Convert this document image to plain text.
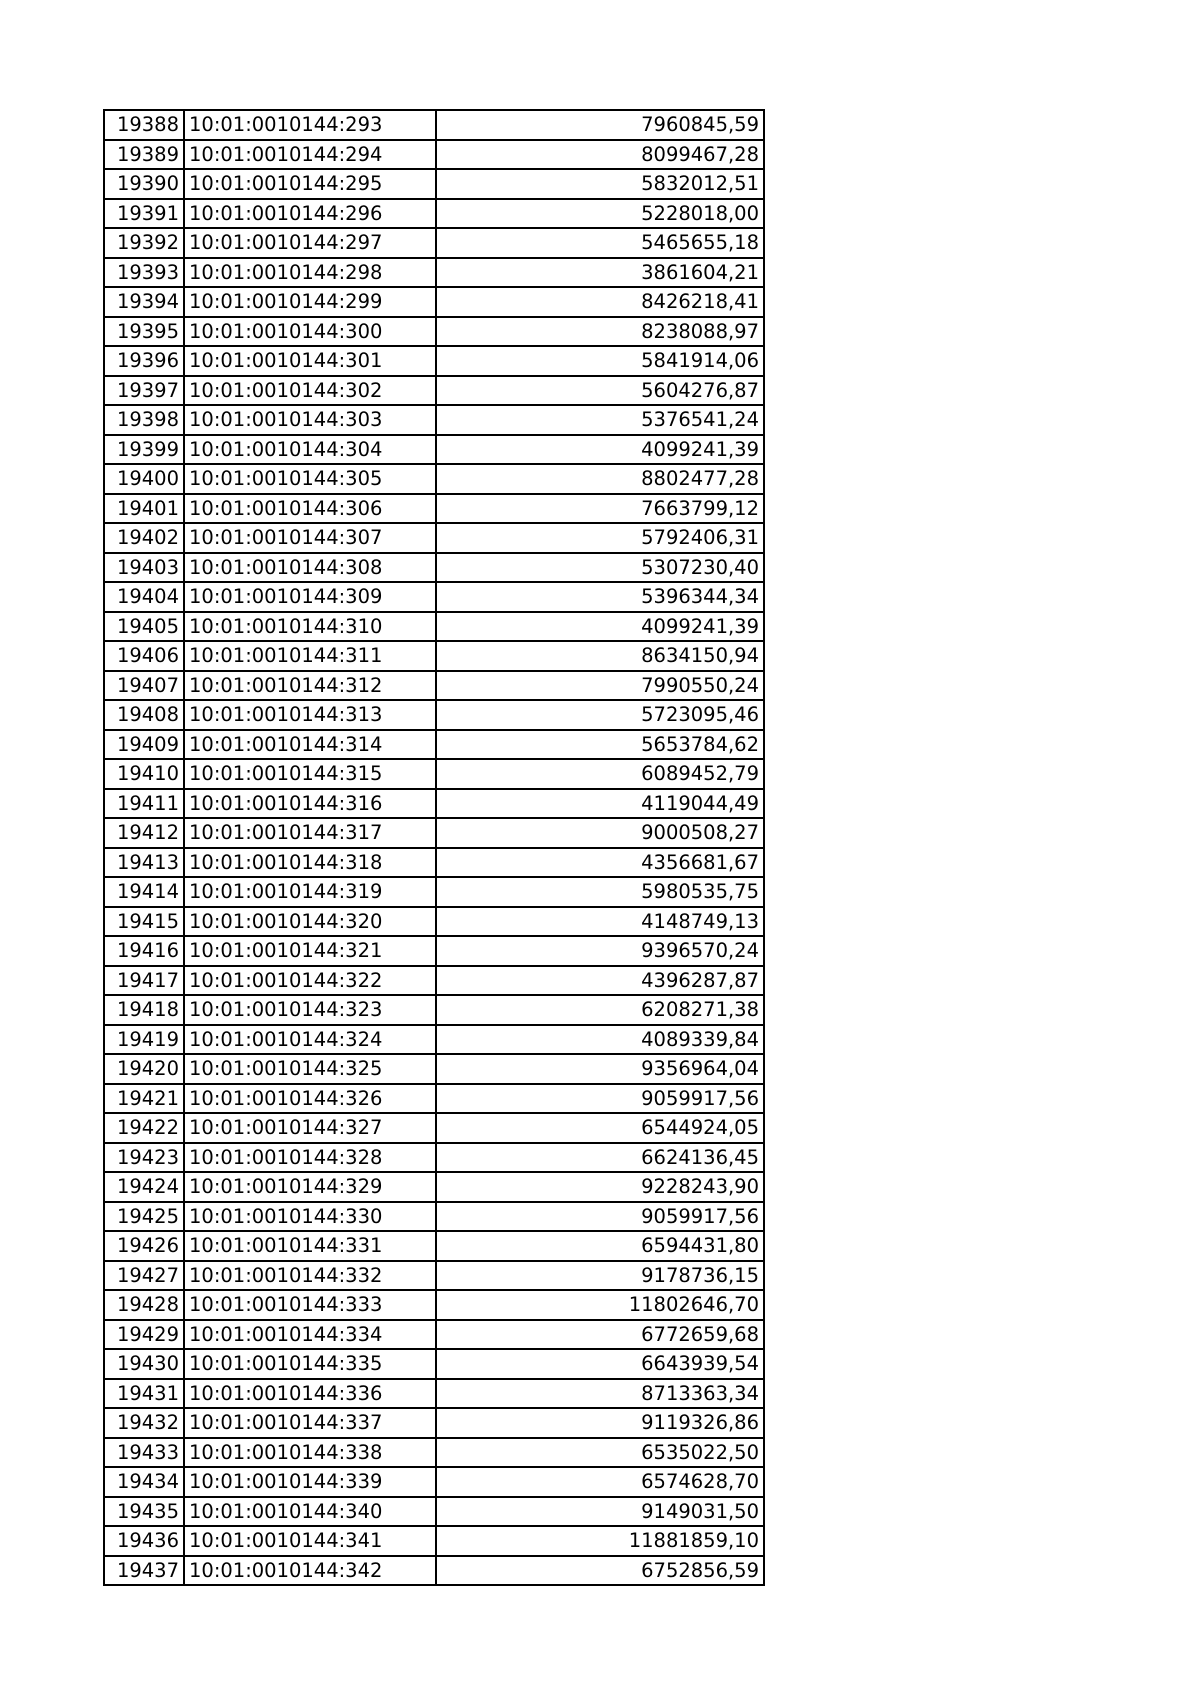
19388	10:01:0010144:293	7960845,59
19389	10:01:0010144:294	8099467,28
19390	10:01:0010144:295	5832012,51
19391	10:01:0010144:296	5228018,00
19392	10:01:0010144:297	5465655,18
19393	10:01:0010144:298	3861604,21
19394	10:01:0010144:299	8426218,41
19395	10:01:0010144:300	8238088,97
19396	10:01:0010144:301	5841914,06
19397	10:01:0010144:302	5604276,87
19398	10:01:0010144:303	5376541,24
19399	10:01:0010144:304	4099241,39
19400	10:01:0010144:305	8802477,28
19401	10:01:0010144:306	7663799,12
19402	10:01:0010144:307	5792406,31
19403	10:01:0010144:308	5307230,40
19404	10:01:0010144:309	5396344,34
19405	10:01:0010144:310	4099241,39
19406	10:01:0010144:311	8634150,94
19407	10:01:0010144:312	7990550,24
19408	10:01:0010144:313	5723095,46
19409	10:01:0010144:314	5653784,62
19410	10:01:0010144:315	6089452,79
19411	10:01:0010144:316	4119044,49
19412	10:01:0010144:317	9000508,27
19413	10:01:0010144:318	4356681,67
19414	10:01:0010144:319	5980535,75
19415	10:01:0010144:320	4148749,13
19416	10:01:0010144:321	9396570,24
19417	10:01:0010144:322	4396287,87
19418	10:01:0010144:323	6208271,38
19419	10:01:0010144:324	4089339,84
19420	10:01:0010144:325	9356964,04
19421	10:01:0010144:326	9059917,56
19422	10:01:0010144:327	6544924,05
19423	10:01:0010144:328	6624136,45
19424	10:01:0010144:329	9228243,90
19425	10:01:0010144:330	9059917,56
19426	10:01:0010144:331	6594431,80
19427	10:01:0010144:332	9178736,15
19428	10:01:0010144:333	11802646,70
19429	10:01:0010144:334	6772659,68
19430	10:01:0010144:335	6643939,54
19431	10:01:0010144:336	8713363,34
19432	10:01:0010144:337	9119326,86
19433	10:01:0010144:338	6535022,50
19434	10:01:0010144:339	6574628,70
19435	10:01:0010144:340	9149031,50
19436	10:01:0010144:341	11881859,10
19437	10:01:0010144:342	6752856,59
